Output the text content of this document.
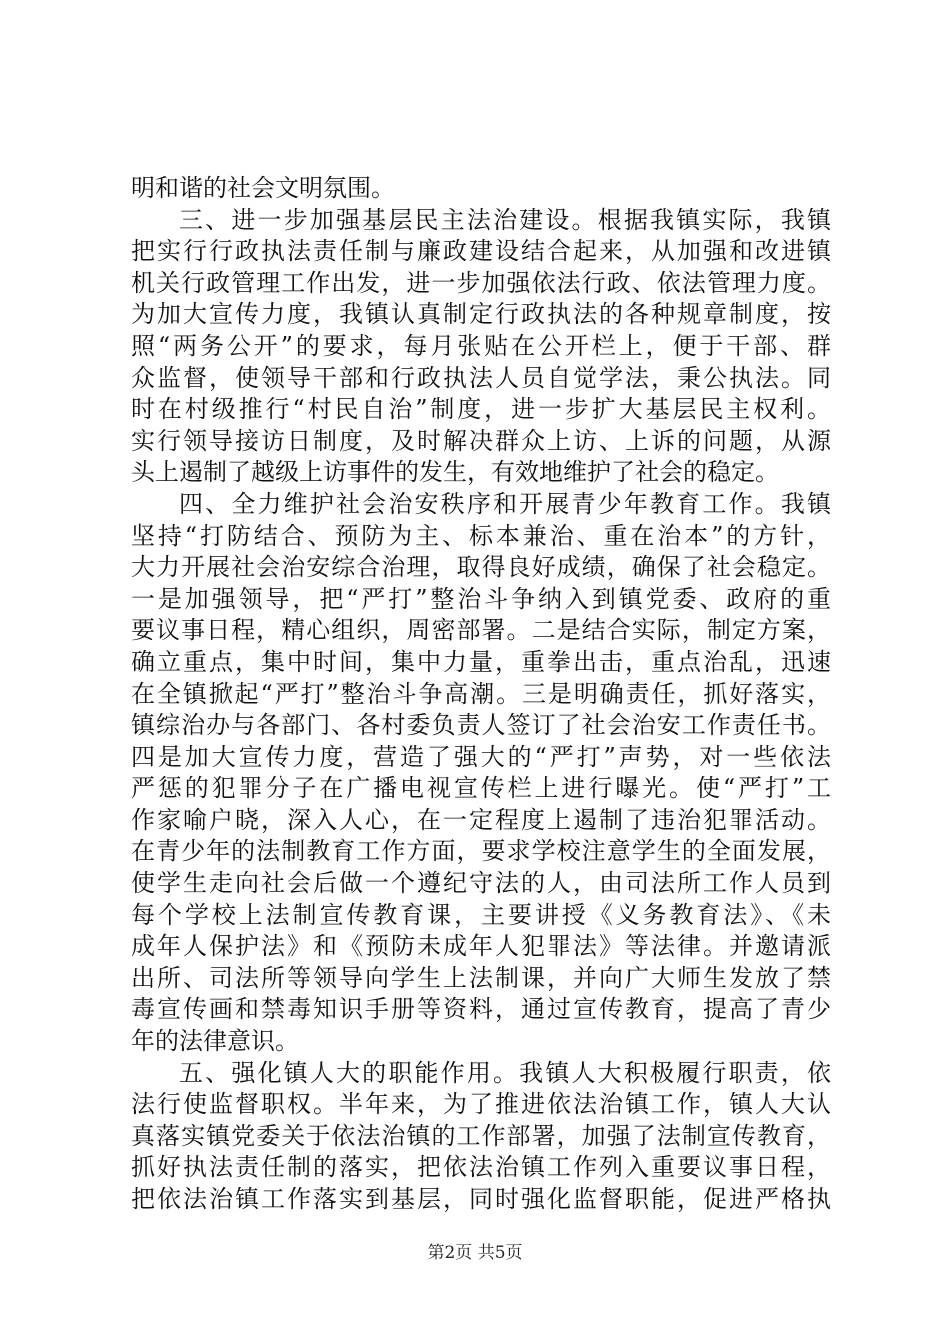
明和谐的社会文明氛围。
三、进一步加强基层民主法治建设。根据我镇实际，我镇
把实行行政执法责任制与廉政建设结合起来，从加强和改进镇
机关行政管理工作出发，进一步加强依法行政、依法管理力度。
为加大宣传力度，我镇认真制定行政执法的各种规章制度，按
照“两务公开”的要求，每月张贴在公开栏上，便于干部、群
众监督，使领导干部和行政执法人员自觉学法，秉公执法。同
时在村级推行“村民自治”制度，进一步扩大基层民主权利。
实行领导接访日制度，及时解决群众上访、上诉的问题，从源
头上遏制了越级上访事件的发生，有效地维护了社会的稳定。
四、全力维护社会治安秩序和开展青少年教育工作。我镇
坚持“打防结合、预防为主、标本兼治、重在治本”的方针，
大力开展社会治安综合治理，取得良好成绩，确保了社会稳定。
一是加强领导，把“严打”整治斗争纳入到镇党委、政府的重
要议事日程，精心组织，周密部署。二是结合实际，制定方案，
确立重点，集中时间，集中力量，重拳出击，重点治乱，迅速
在全镇掀起“严打”整治斗争高潮。三是明确责任，抓好落实，
镇综治办与各部门、各村委负责人签订了社会治安工作责任书。
四是加大宣传力度，营造了强大的“严打”声势，对一些依法
严惩的犯罪分子在广播电视宣传栏上进行曝光。使“严打”工
作家喻户晓，深入人心，在一定程度上遏制了违治犯罪活动。
在青少年的法制教育工作方面，要求学校注意学生的全面发展，
使学生走向社会后做一个遵纪守法的人，由司法所工作人员到
每个学校上法制宣传教育课，主要讲授《义务教育法》、《未
成年人保护法》和《预防未成年人犯罪法》等法律。并邀请派
出所、司法所等领导向学生上法制课，并向广大师生发放了禁
毒宣传画和禁毒知识手册等资料，通过宣传教育，提高了青少
年的法律意识。
五、强化镇人大的职能作用。我镇人大积极履行职责，依
法行使监督职权。半年来，为了推进依法治镇工作，镇人大认
真落实镇党委关于依法治镇的工作部署，加强了法制宣传教育，
抓好执法责任制的落实，把依法治镇工作列入重要议事日程，
把依法治镇工作落实到基层，同时强化监督职能，促进严格执
第2页 共5页
